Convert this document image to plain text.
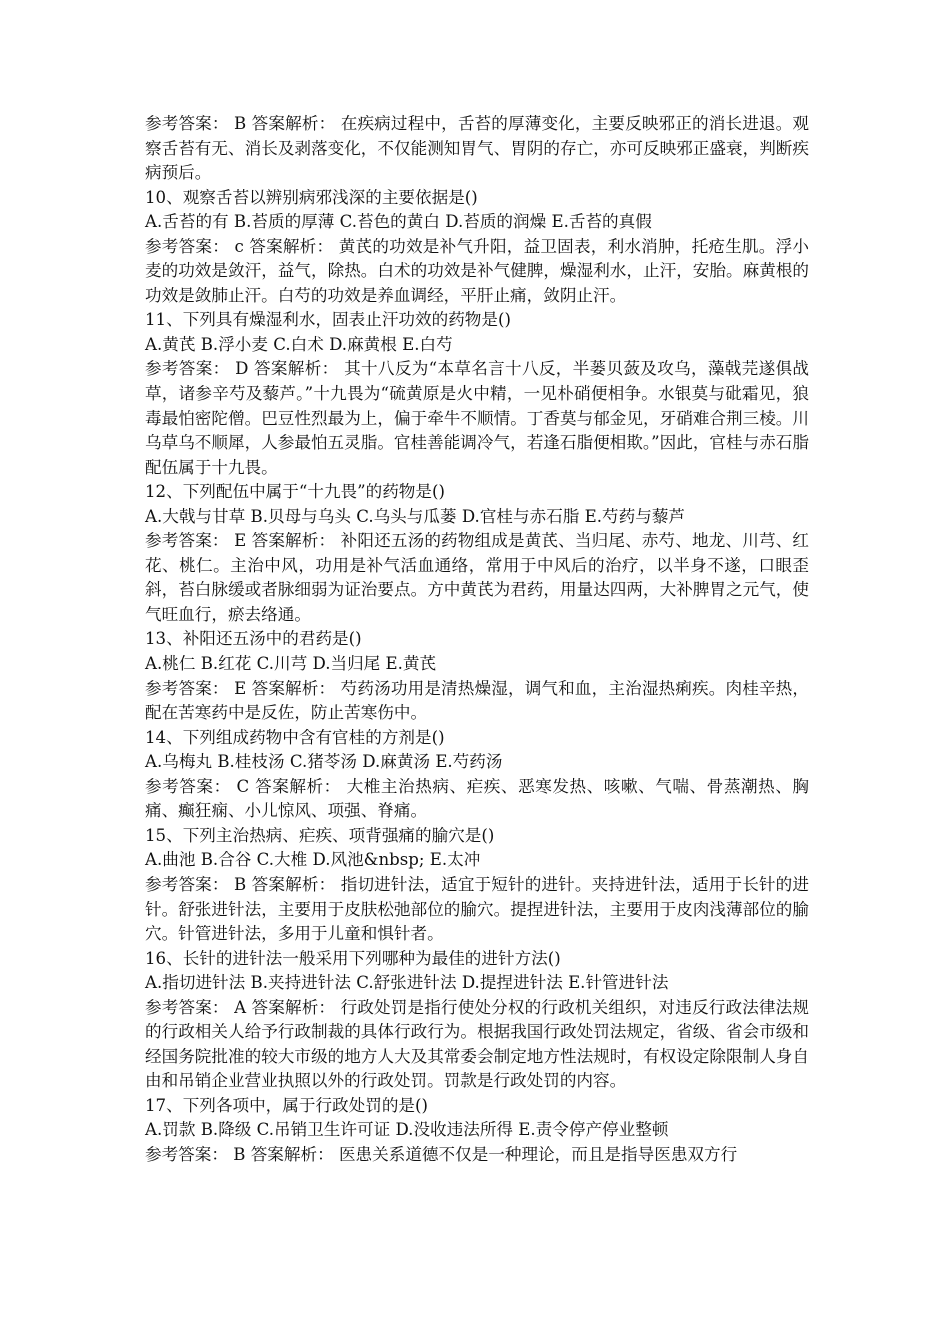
参考答案： B 答案解析： 在疾病过程中，舌苔的厚薄变化，主要反映邪正的消长进退。观察舌苔有无、消长及剥落变化，不仅能测知胃气、胃阴的存亡，亦可反映邪正盛衰，判断疾病预后。

10、观察舌苔以辨别病邪浅深的主要依据是()

A.舌苔的有 B.苔质的厚薄 C.苔色的黄白 D.苔质的润燥 E.舌苔的真假

参考答案： c 答案解析： 黄芪的功效是补气升阳，益卫固表，利水消肿，托疮生肌。浮小麦的功效是敛汗，益气，除热。白术的功效是补气健脾，燥湿利水，止汗，安胎。麻黄根的功效是敛肺止汗。白芍的功效是养血调经，平肝止痛，敛阴止汗。

11、下列具有燥湿利水，固表止汗功效的药物是()

A.黄芪 B.浮小麦 C.白术 D.麻黄根 E.白芍

参考答案： D 答案解析： 其十八反为“本草名言十八反，半蒌贝蔹及攻乌，藻戟芫遂俱战草，诸参辛芍及藜芦。”十九畏为“硫黄原是火中精，一见朴硝便相争。水银莫与砒霜见，狼毒最怕密陀僧。巴豆性烈最为上，偏于牵牛不顺情。丁香莫与郁金见，牙硝难合荆三棱。川乌草乌不顺犀，人参最怕五灵脂。官桂善能调冷气，若逢石脂便相欺。”因此，官桂与赤石脂配伍属于十九畏。

12、下列配伍中属于“十九畏”的药物是()

A.大戟与甘草 B.贝母与乌头 C.乌头与瓜蒌 D.官桂与赤石脂 E.芍药与藜芦

参考答案： E 答案解析： 补阳还五汤的药物组成是黄芪、当归尾、赤芍、地龙、川芎、红花、桃仁。主治中风，功用是补气活血通络，常用于中风后的治疗，以半身不遂，口眼歪斜，苔白脉缓或者脉细弱为证治要点。方中黄芪为君药，用量达四两，大补脾胃之元气，使气旺血行，瘀去络通。

13、补阳还五汤中的君药是()

A.桃仁 B.红花 C.川芎 D.当归尾 E.黄芪

参考答案： E 答案解析： 芍药汤功用是清热燥湿，调气和血，主治湿热痢疾。肉桂辛热，配在苦寒药中是反佐，防止苦寒伤中。

14、下列组成药物中含有官桂的方剂是()

A.乌梅丸 B.桂枝汤 C.猪苓汤 D.麻黄汤 E.芍药汤

参考答案： C 答案解析： 大椎主治热病、疟疾、恶寒发热、咳嗽、气喘、骨蒸潮热、胸痛、癫狂痫、小儿惊风、项强、脊痛。

15、下列主治热病、疟疾、项背强痛的腧穴是()

A.曲池 B.合谷 C.大椎 D.风池&nbsp; E.太冲

参考答案： B 答案解析： 指切进针法，适宜于短针的进针。夹持进针法，适用于长针的进针。舒张进针法，主要用于皮肤松弛部位的腧穴。提捏进针法，主要用于皮肉浅薄部位的腧穴。针管进针法，多用于儿童和惧针者。

16、长针的进针法一般采用下列哪种为最佳的进针方法()

A.指切进针法 B.夹持进针法 C.舒张进针法 D.提捏进针法 E.针管进针法

参考答案： A 答案解析： 行政处罚是指行使处分权的行政机关组织，对违反行政法律法规的行政相关人给予行政制裁的具体行政行为。根据我国行政处罚法规定，省级、省会市级和经国务院批准的较大市级的地方人大及其常委会制定地方性法规时，有权设定除限制人身自由和吊销企业营业执照以外的行政处罚。罚款是行政处罚的内容。

17、下列各项中，属于行政处罚的是()

A.罚款 B.降级 C.吊销卫生许可证 D.没收违法所得 E.责令停产停业整顿

参考答案： B 答案解析： 医患关系道德不仅是一种理论，而且是指导医患双方行
